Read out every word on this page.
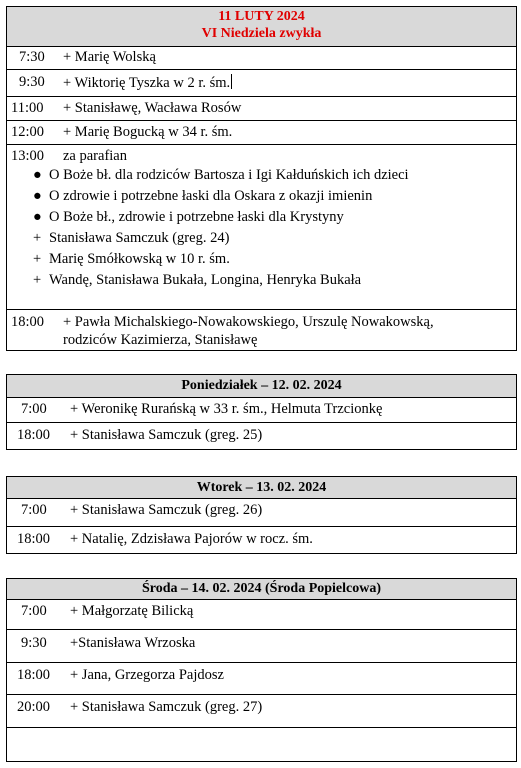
11 LUTY 2024
VI Niedziela zwykła
7:30 + Marię Wolską
9:30 + Wiktorię Tyszka w 2 r. śm.
11:00 + Stanisławę, Wacława Rosów
12:00 + Marię Bogucką w 34 r. śm.
13:00 za parafian
● O Boże bł. dla rodziców Bartosza i Igi Kałduńskich ich dzieci
● O zdrowie i potrzebne łaski dla Oskara z okazji imienin
● O Boże bł., zdrowie i potrzebne łaski dla Krystyny
+ Stanisława Samczuk (greg. 24)
+ Marię Smółkowską w 10 r. śm.
+ Wandę, Stanisława Bukała, Longina, Henryka Bukała
18:00 + Pawła Michalskiego-Nowakowskiego, Urszulę Nowakowską,
rodziców Kazimierza, Stanisławę
Poniedziałek – 12. 02. 2024
7:00 + Weronikę Rurańską w 33 r. śm., Helmuta Trzcionkę
18:00 + Stanisława Samczuk (greg. 25)
Wtorek – 13. 02. 2024
7:00 + Stanisława Samczuk (greg. 26)
18:00 + Natalię, Zdzisława Pajorów w rocz. śm.
Środa – 14. 02. 2024 (Środa Popielcowa)
7:00 + Małgorzatę Bilicką
9:30 +Stanisława Wrzoska
18:00 + Jana, Grzegorza Pajdosz
20:00 + Stanisława Samczuk (greg. 27)
